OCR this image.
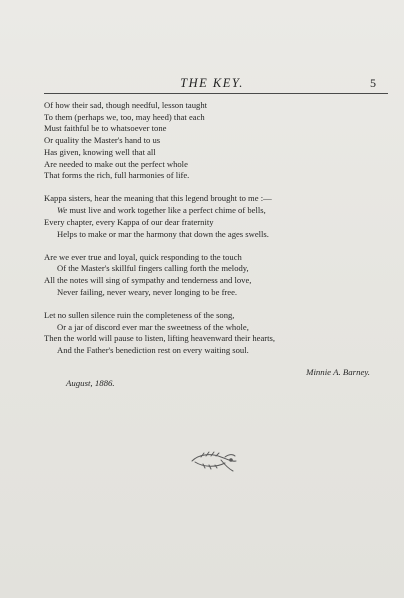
THE KEY.	5
Of how their sad, though needful, lesson taught
To them (perhaps we, too, may heed) that each
Must faithful be to whatsoever tone
Or quality the Master's hand to us
Has given, knowing well that all
Are needed to make out the perfect whole
That forms the rich, full harmonies of life.
Kappa sisters, hear the meaning that this legend brought to me :—
We must live and work together like a perfect chime of bells,
Every chapter, every Kappa of our dear fraternity
Helps to make or mar the harmony that down the ages swells.
Are we ever true and loyal, quick responding to the touch
Of the Master's skillful fingers calling forth the melody,
All the notes will sing of sympathy and tenderness and love,
Never failing, never weary, never longing to be free.
Let no sullen silence ruin the completeness of the song,
Or a jar of discord ever mar the sweetness of the whole,
Then the world will pause to listen, lifting heavenward their hearts,
And the Father's benediction rest on every waiting soul.
Minnie A. Barney.
August, 1886.
